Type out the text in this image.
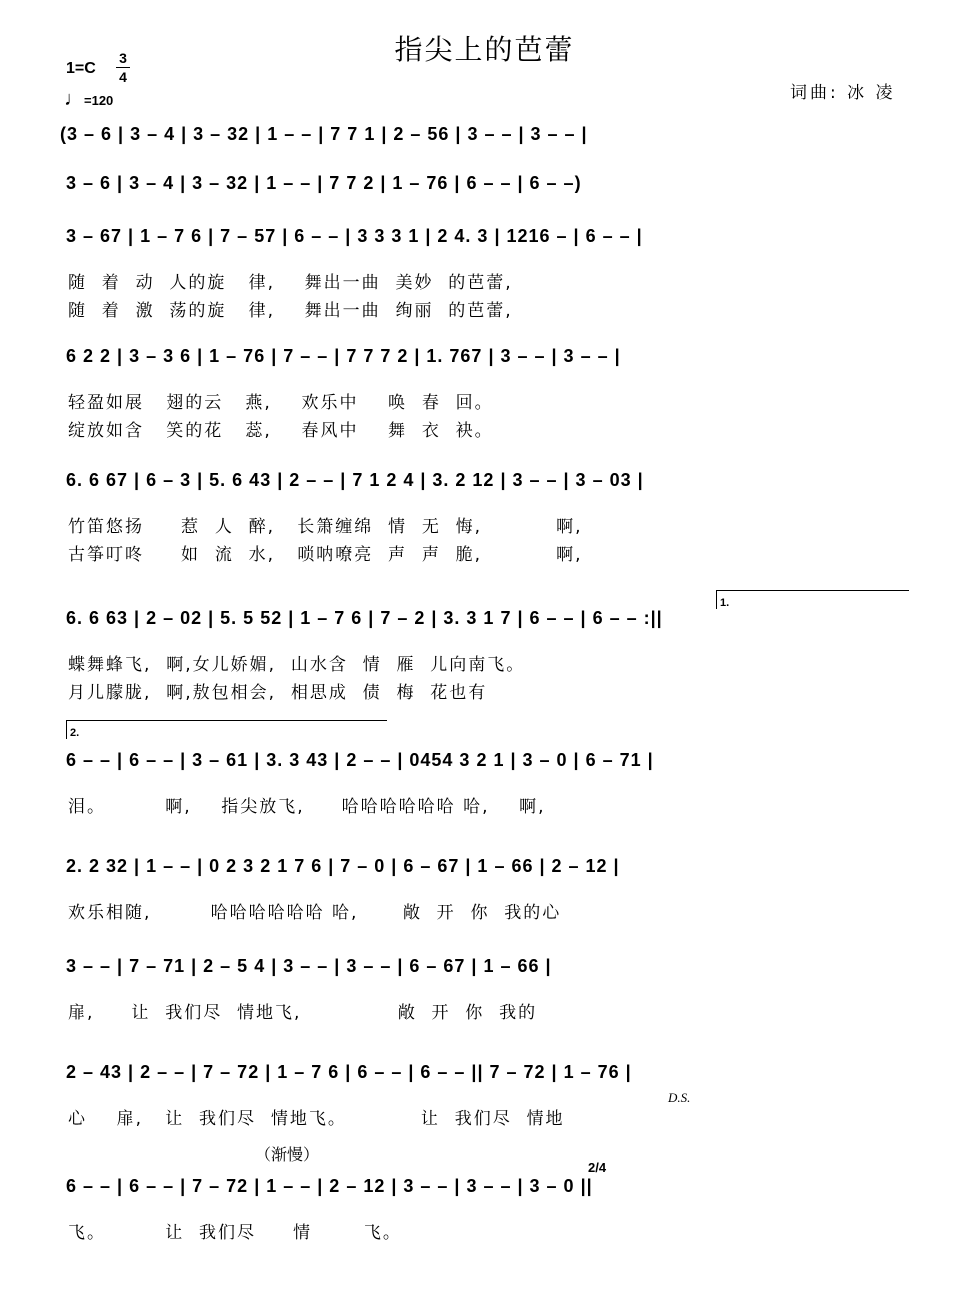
指尖上的芭蕾
1=C
3
4
♩=120	词曲: 冰 凌
(3 – 6 | 3 – 4 | 3 – 32 | 1 – – | 7 7 1 | 2 – 56 | 3 – – | 3 – – |
3 – 6 | 3 – 4 | 3 – 32 | 1 – – | 7 7 2 | 1 – 76 | 6 – – | 6 – –)
3 – 67 | 1 – 7 6 | 7 – 57 | 6 – – | 3 3 3 1 | 2 4. 3 | 1216 – | 6 – – |
随  着  动  人的旋   律,    舞出一曲  美妙  的芭蕾,
随  着  激  荡的旋   律,    舞出一曲  绚丽  的芭蕾,
6 2 2 | 3 – 3 6 | 1 – 76 | 7 – – | 7 7 7 2 | 1. 767 | 3 – – | 3 – – |
轻盈如展   翅的云   燕,    欢乐中    唤  春  回。
绽放如含   笑的花   蕊,    春风中    舞  衣  袂。
6. 6 67 | 6 – 3 | 5. 6 43 | 2 – – | 7 1 2 4 | 3. 2 12 | 3 – – | 3 – 03 |
竹笛悠扬     惹  人  醉,   长箫缠绵  情  无  悔,          啊,
古筝叮咚     如  流  水,   唢呐嘹亮  声  声  脆,          啊,
1.
6. 6 63 | 2 – 02 | 5. 5 52 | 1 – 7 6 | 7 – 2 | 3. 3 1 7 | 6 – – | 6 – – :||
蝶舞蜂飞,  啊,女儿娇媚,  山水含  情  雁  儿向南飞。
月儿朦胧,  啊,敖包相会,  相思成  债  梅  花也有
2.
6 – – | 6 – – | 3 – 61 | 3. 3 43 | 2 – – | 0454 3 2 1 | 3 – 0 | 6 – 71 |
泪。        啊,    指尖放飞,     哈哈哈哈哈哈 哈,    啊,
2. 2 32 | 1 – – | 0 2 3 2 1 7 6 | 7 – 0 | 6 – 67 | 1 – 66 | 2 – 12 |
欢乐相随,        哈哈哈哈哈哈 哈,      敞  开  你  我的心
3 – – | 7 – 71 | 2 – 5 4 | 3 – – | 3 – – | 6 – 67 | 1 – 66 |
扉,     让  我们尽  情地飞,             敞  开  你  我的
2 – 43 | 2 – – | 7 – 72 | 1 – 7 6 | 6 – – | 6 – – || 7 – 72 | 1 – 76 |
D.S.
心    扉,   让  我们尽  情地飞。          让  我们尽  情地
（渐慢）
2/4
6 – – | 6 – – | 7 – 72 | 1 – – | 2 – 12 | 3 – – | 3 – – | 3 – 0 ||
飞。        让  我们尽     情       飞。
